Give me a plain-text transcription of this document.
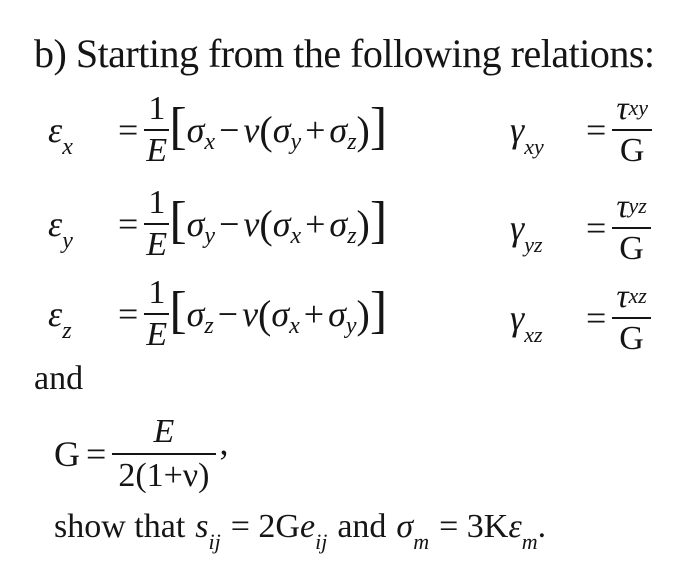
b) Starting from the following relations:
ε $x = \frac{1}{E}$ [ σ x − ν ( σ y + σ z ) ]
ε $y = \frac{1}{E}$ [ σ y − ν ( σ x + σ z ) ]
ε $z = \frac{1}{E}$ [ σ z − ν ( σ x + σ y ) ]
γ xy = $\frac{\text{τxy}}{G}$
γ yz = $\frac{\text{τyz}}{G}$
γ xz = $\frac{\text{τxz}}{G}$
and
$G = \frac{E}{2(1+\nu)}$ ,
show that s ij = 2G e ij and σ m = 3K ε m .
